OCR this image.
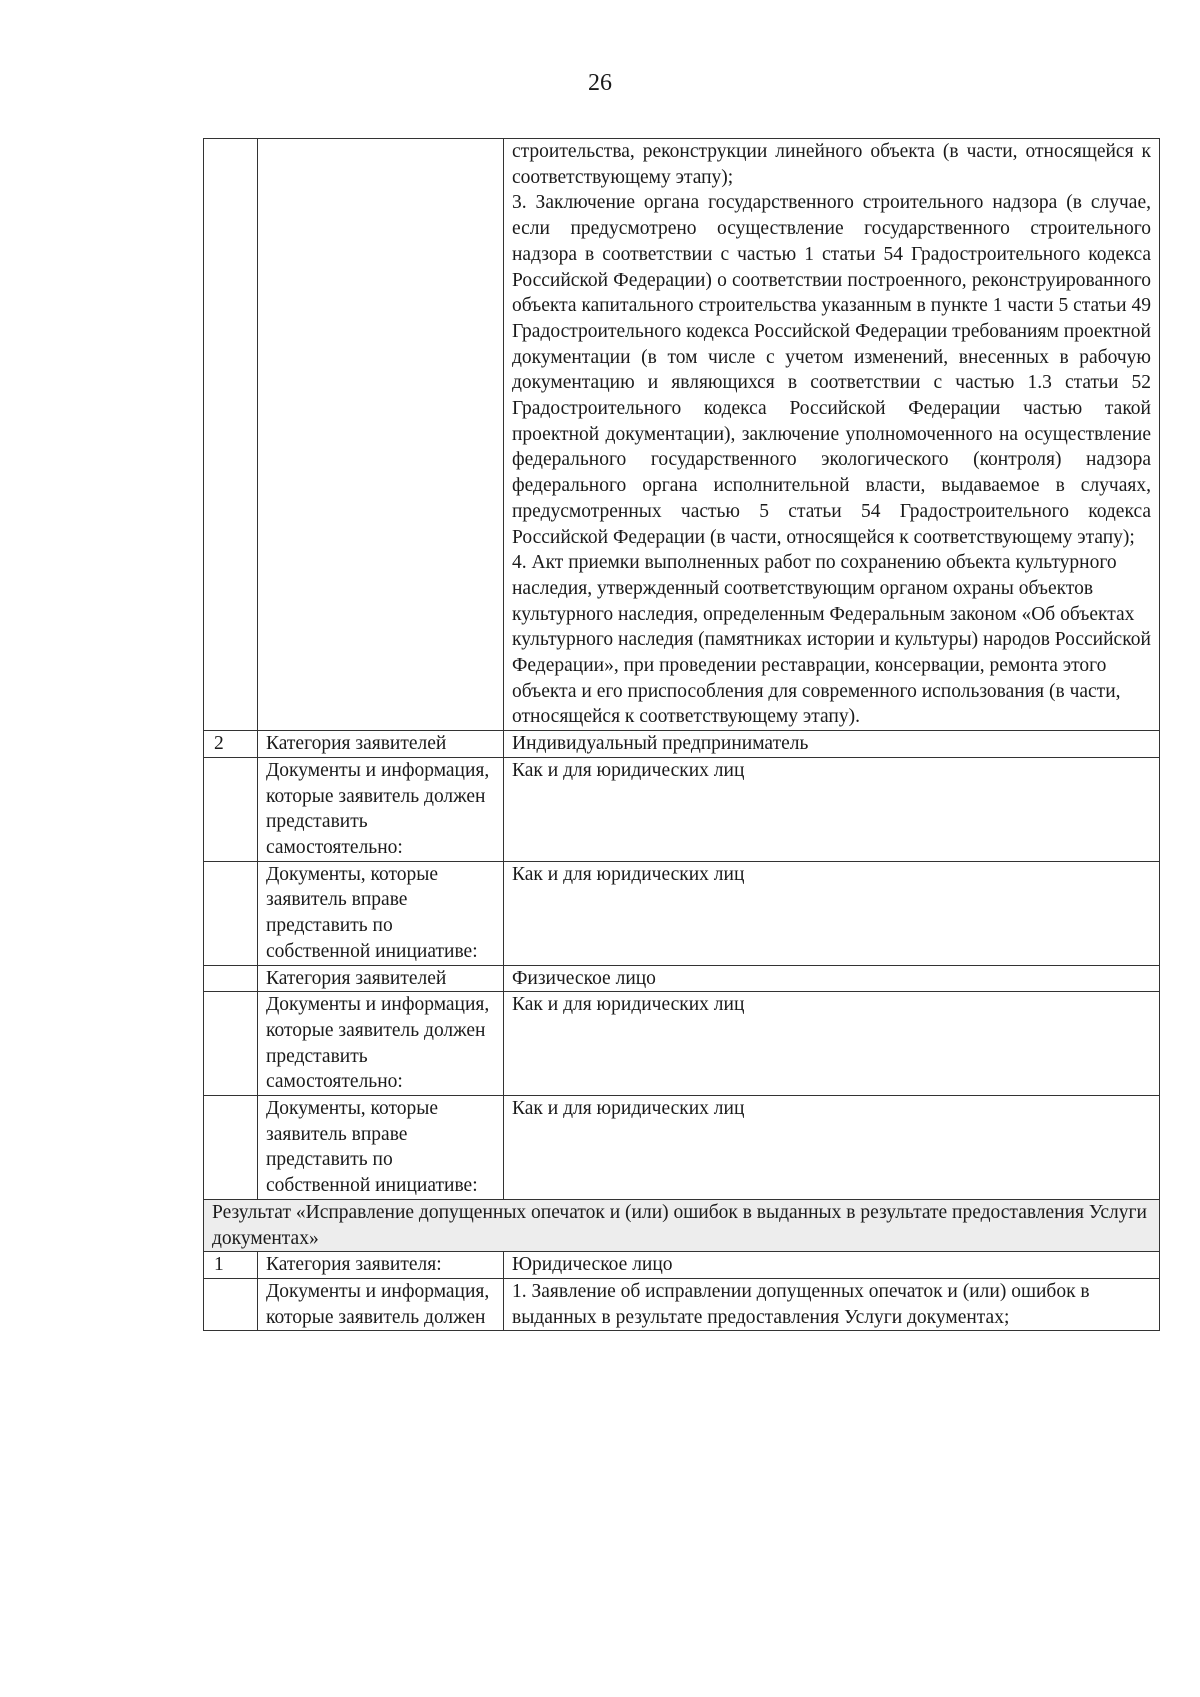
26

		строительства, реконструкции линейного объекта (в части, относящейся к соответствующему этапу);

3. Заключение органа государственного строительного надзора (в случае, если предусмотрено осуществление государственного строительного надзора в соответствии с частью 1 статьи 54 Градостроительного кодекса Российской Федерации) о соответствии построенного, реконструированного объекта капитального строительства указанным в пункте 1 части 5 статьи 49 Градостроительного кодекса Российской Федерации требованиям проектной документации (в том числе с учетом изменений, внесенных в рабочую документацию и являющихся в соответствии с частью 1.3 статьи 52 Градостроительного кодекса Российской Федерации частью такой проектной документации), заключение уполномоченного на осуществление федерального государственного экологического (контроля) надзора федерального органа исполнительной власти, выдаваемое в случаях, предусмотренных частью 5 статьи 54 Градостроительного кодекса Российской Федерации (в части, относящейся к соответствующему этапу);

4. Акт приемки выполненных работ по сохранению объекта культурного наследия, утвержденный соответствующим органом охраны объектов культурного наследия, определенным Федеральным законом «Об объектах культурного наследия (памятниках истории и культуры) народов Российской Федерации», при проведении реставрации, консервации, ремонта этого объекта и его приспособления для современного использования (в части, относящейся к соответствующему этапу).

2	Категория заявителей	Индивидуальный предприниматель
	Документы и информация, которые заявитель должен представить самостоятельно:	Как и для юридических лиц
	Документы, которые заявитель вправе представить по собственной инициативе:	Как и для юридических лиц
	Категория заявителей	Физическое лицо
	Документы и информация, которые заявитель должен представить самостоятельно:	Как и для юридических лиц
	Документы, которые заявитель вправе представить по собственной инициативе:	Как и для юридических лиц
Результат «Исправление допущенных опечаток и (или) ошибок в выданных в результате предоставления Услуги документах»		
1	Категория заявителя:	Юридическое лицо
	Документы и информация, которые заявитель должен	1. Заявление об исправлении допущенных опечаток и (или) ошибок в выданных в результате предоставления Услуги документах;
